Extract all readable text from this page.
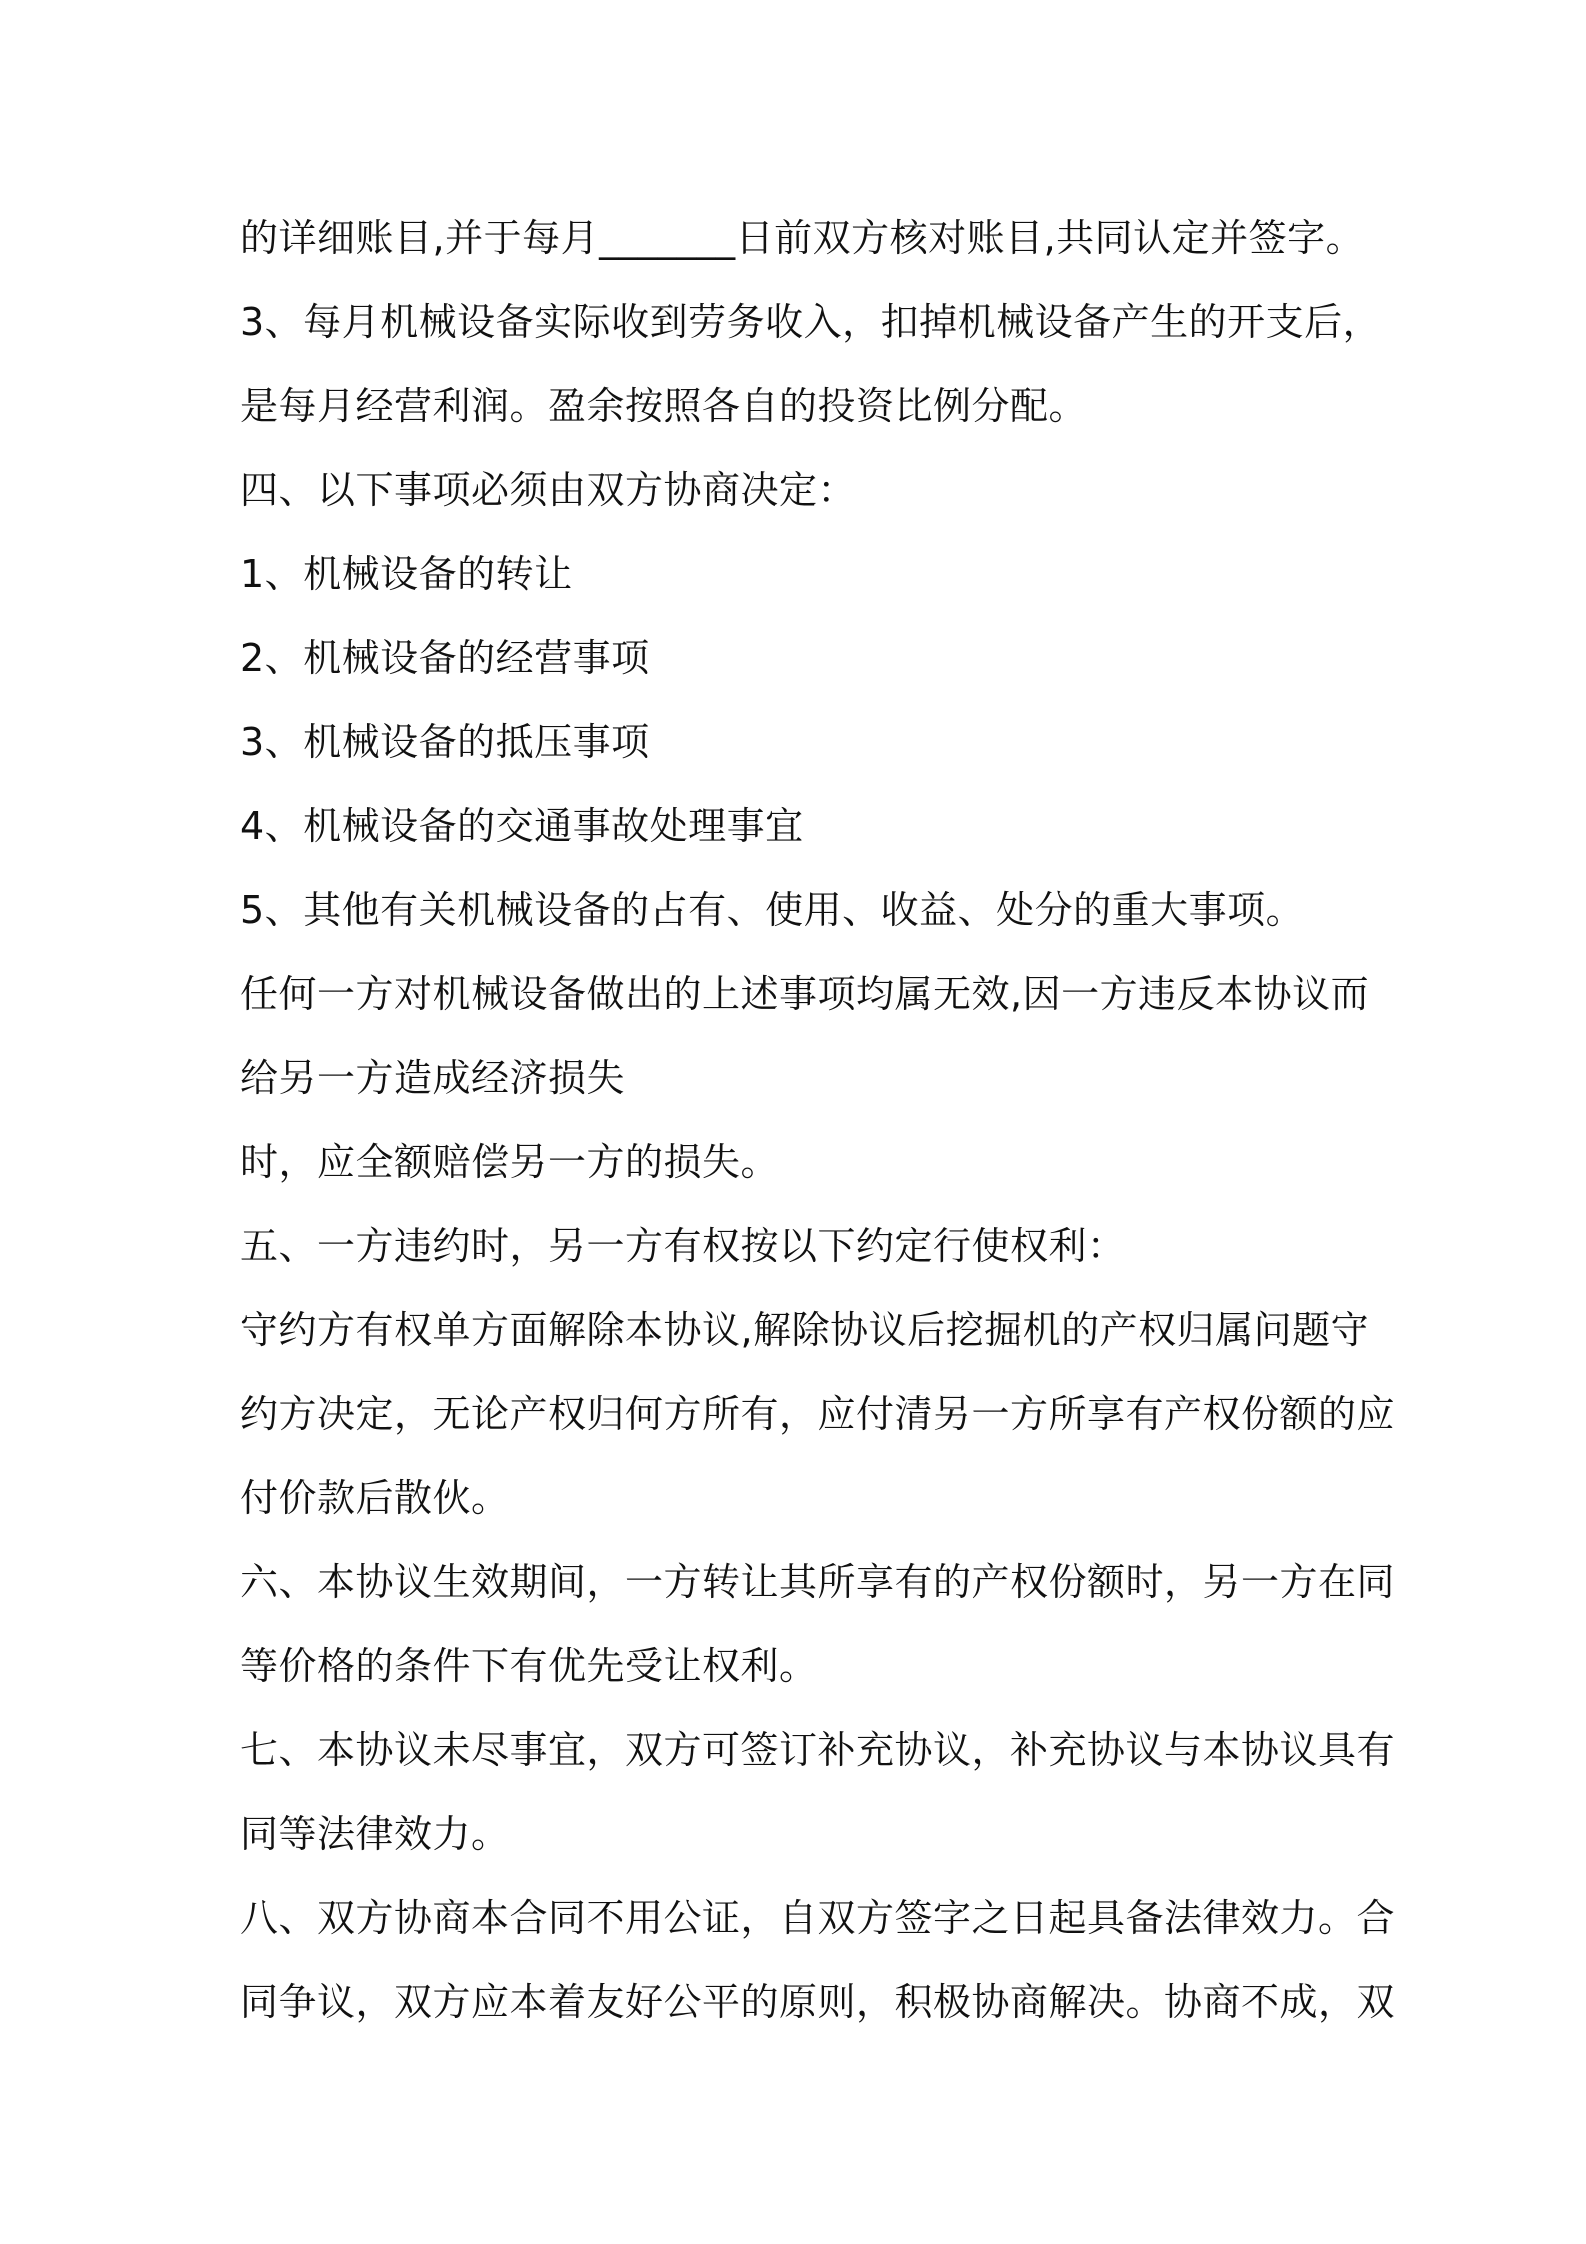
的详细账目,并于每月_______日前双方核对账目,共同认定并签字。
3、每月机械设备实际收到劳务收入，扣掉机械设备产生的开支后，
是每月经营利润。盈余按照各自的投资比例分配。
四、以下事项必须由双方协商决定：
1、机械设备的转让
2、机械设备的经营事项
3、机械设备的抵压事项
4、机械设备的交通事故处理事宜
5、其他有关机械设备的占有、使用、收益、处分的重大事项。
任何一方对机械设备做出的上述事项均属无效,因一方违反本协议而
给另一方造成经济损失
时，应全额赔偿另一方的损失。
五、一方违约时，另一方有权按以下约定行使权利：
守约方有权单方面解除本协议,解除协议后挖掘机的产权归属问题守
约方决定，无论产权归何方所有，应付清另一方所享有产权份额的应
付价款后散伙。
六、本协议生效期间，一方转让其所享有的产权份额时，另一方在同
等价格的条件下有优先受让权利。
七、本协议未尽事宜，双方可签订补充协议，补充协议与本协议具有
同等法律效力。
八、双方协商本合同不用公证，自双方签字之日起具备法律效力。合
同争议，双方应本着友好公平的原则，积极协商解决。协商不成，双
